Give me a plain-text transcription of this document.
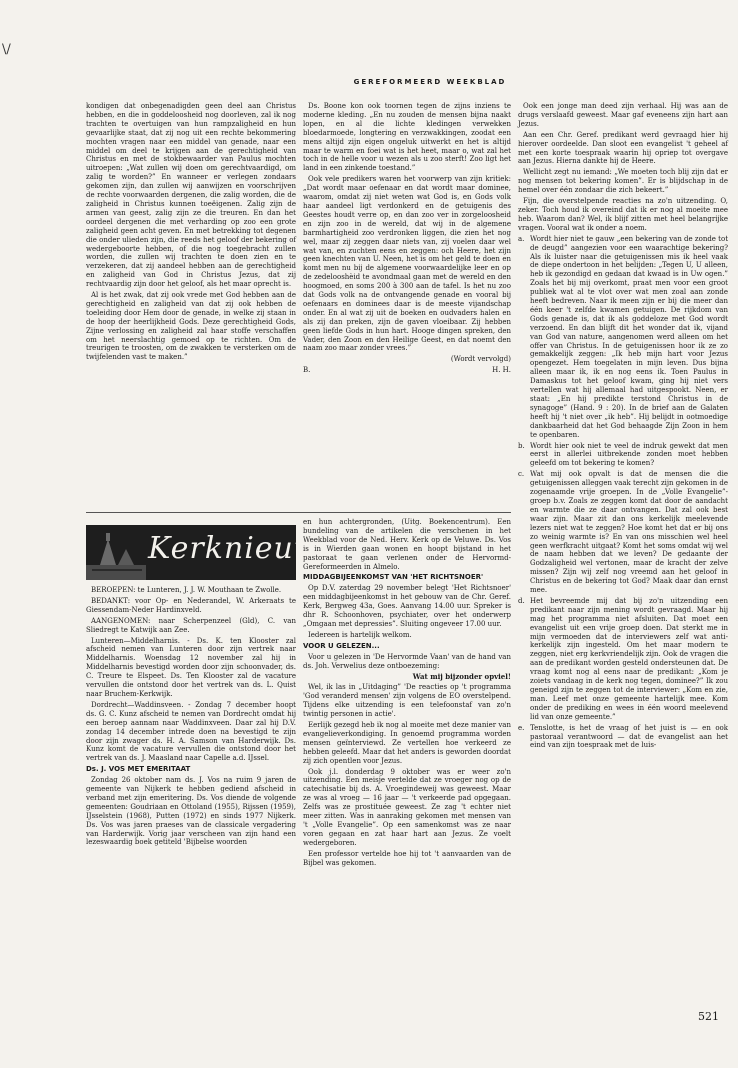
\/
GEREFORMEERD WEEKBLAD

kondigen dat onbegenadigden geen deel aan Christus hebben, en die in goddeloosheid nog doorleven, zal ik nog trachten te overtuigen van hun rampzaligheid en hun gevaarlijke staat, dat zij nog uit een rechte bekommering mochten vragen naar een middel van genade, naar een middel om deel te krijgen aan de gerechtigheid van Christus en met de stokbewaarder van Paulus mochten uitroepen: „Wat zullen wij doen om gerechtvaardigd, om zalig te worden?” En wanneer er verlegen zondaars gekomen zijn, dan zullen wij aanwijzen en voorschrijven de rechte voorwaarden dergenen, die zalig worden, die de zaligheid in Christus kunnen toeëigenen. Zalig zijn de armen van geest, zalig zijn ze die treuren. En dan het oordeel dergenen die met verharding op zoo een grote zaligheid geen acht geven. En met betrekking tot degenen die onder ulieden zijn, die reeds het geloof der bekering of wedergeboorte hebben, of die nog toegebracht zullen worden, die zullen wij trachten te doen zien en te verzekeren, dat zij aandeel hebben aan de gerechtigheid en zaligheid van God in Christus Jezus, dat zij rechtvaardig zijn door het geloof, als het maar oprecht is.

Al is het zwak, dat zij ook vrede met God hebben aan de gerechtigheid en zaligheid van dat zij ook hebben de toeleiding door Hem door de genade, in welke zij staan in de hoop der heerlijkheid Gods. Deze gerechtigheid Gods, Zijne verlossing en zaligheid zal haar stoffe verschaffen om het neerslachtig gemoed op te richten. Om de treurigen te troosten, om de zwakken te versterken om de twijfelenden vast te maken.”

Ds. Boone kon ook toornen tegen de zijns inziens te moderne kleding. „En nu zouden de mensen bijna naakt lopen, en al die lichte kledingen verwekken bloedarmoede, longtering en verzwakkingen, zoodat een mens altijd zijn eigen ongeluk uitwerkt en het is altijd maar te warm en foei wat is het heet, maar o, wat zal het toch in de helle voor u wezen als u zoo sterft! Zoo ligt het land in een zinkende toestand.”

Ook vele predikers waren het voorwerp van zijn kritiek: „Dat wordt maar oefenaar en dat wordt maar dominee, waarom, omdat zij niet weten wat God is, en Gods volk haar aandeel ligt verdonkerd en de getuigenis des Geestes houdt verre op, en dan zoo ver in zorgeloosheid en zijn zoo in de wereld, dat wij in de algemene barmhartigheid zoo verdronken liggen, die zien het nog wel, maar zij zeggen daar niets van, zij voelen daar wel wat van, en zuchten eens en zeggen: och Heere, het zijn geen knechten van U. Neen, het is om het geld te doen en komt men nu bij de algemene voorwaardelijke leer en op de zedelooshèid te avondmaal gaan met de wereld en den hoogmoed, en soms 200 à 300 aan de tafel. Is het nu zoo dat Gods volk na de ontvangende genade en vooral bij oefenaars en dominees daar is de meeste vijandschap onder. En al wat zij uit de boeken en oudvaders halen en als zij dan preken, zijn de gaven vloeibaar. Zij hebben geen liefde Gods in hun hart. Hooge dingen spreken, den Vader, den Zoon en den Heilige Geest, en dat noemt den naam zoo maar zonder vrees.”

(Wordt vervolgd)

B.	H. H.
Kerknieuws

BEROEPEN: te Lunteren, J. J. W. Mouthaan te Zwolle.

BEDANKT: voor Op- en Nederandel, W. Arkeraats te Giessendam-Neder Hardinxveld.

AANGENOMEN: naar Scherpenzeel (Gld), C. van Sliedregt te Katwijk aan Zee.

Lunteren—Middelharnis. - Ds. K. ten Klooster zal afscheid nemen van Lunteren door zijn vertrek naar Middelharnis. Woensdag 12 november zal hij in Middelharnis bevestigd worden door zijn schoonvader, ds. C. Treure te Elspeet. Ds. Ten Klooster zal de vacature vervullen die ontstond door het vertrek van ds. L. Quist naar Bruchem-Kerkwijk.

Dordrecht—Waddinsveen. - Zondag 7 december hoopt ds. G. C. Kunz afscheid te nemen van Dordrecht omdat hij een beroep aannam naar Waddinxveen. Daar zal hij D.V. zondag 14 december intrede doen na bevestigd te zijn door zijn zwager ds. H. A. Samson van Harderwijk. Ds. Kunz komt de vacature vervullen die ontstond door het vertrek van ds. J. Maasland naar Capelle a.d. IJssel.

Ds. J. VOS MET EMERITAAT

Zondag 26 oktober nam ds. J. Vos na ruim 9 jaren de gemeente van Nijkerk te hebben gediend afscheid in verband met zijn emeritering. Ds. Vos diende de volgende gemeenten: Goudriaan en Ottoland (1955), Rijssen (1959), IJsselstein (1968), Putten (1972) en sinds 1977 Nijkerk. Ds. Vos was jaren praeses van de classicale vergadering van Harderwijk. Vorig jaar verscheen van zijn hand een lezeswaardig boek getiteld 'Bijbelse woorden

en hun achtergronden, (Uitg. Boekencentrum). Een bundeling van de artikelen die verschenen in het Weekblad voor de Ned. Herv. Kerk op de Veluwe. Ds. Vos is in Wierden gaan wonen en hoopt bijstand in het pastoraat te gaan verlenen onder de Hervormd-Gereformeerden in Almelo.

MIDDAGBIJEENKOMST VAN 'HET RICHTSNOER'

Op D.V. zaterdag 29 november belegt 'Het Richtsnoer' een middagbijeenkomst in het gebouw van de Chr. Geref. Kerk, Bergweg 43a, Goes. Aanvang 14.00 uur. Spreker is dhr R. Schoonhoven, psychiater, over het onderwerp „Omgaan met depressies”. Sluiting ongeveer 17.00 uur.

Iedereen is hartelijk welkom.

VOOR U GELEZEN...

Voor u gelezen in 'De Hervormde Vaan' van de hand van ds. Joh. Verwelius deze ontboezeming:

Wat mij bijzonder opviel!

Wel, ik las in „Uitdaging” 'De reacties op 't programma 'God veranderd mensen' zijn volgens de EO overstelpend. Tijdens elke uitzending is een telefoonstaf van zo'n twintig personen in actie'.

Eerlijk gezegd heb ik nog al moeite met deze manier van evangelieverkondiging. In genoemd programma worden mensen geïnterviewd. Ze vertellen hoe verkeerd ze hebben geleefd. Maar dat het anders is geworden doordat zij zich opentlen voor Jezus.

Ook j.l. donderdag 9 oktober was er weer zo'n uitzending. Een meisje vertelde dat ze vroeger nog op de catechisatie bij ds. A. Vroegindeweij was geweest. Maar ze was al vroeg — 16 jaar — 't verkeerde pad opgegaan. Zelfs was ze prostituée geweest. Ze zag 't echter niet meer zitten. Was in aanraking gekomen met mensen van 't „Volle Evangelie”. Op een samenkomst was ze naar voren gegaan en zat haar hart aan Jezus. Ze voelt wedergeboren.

Een professor vertelde hoe hij tot 't aanvaarden van de Bijbel was gekomen.

Ook een jonge man deed zijn verhaal. Hij was aan de drugs verslaafd geweest. Maar gaf eveneens zijn hart aan Jezus.

Aan een Chr. Geref. predikant werd gevraagd hier hij hierover oordeelde. Dan sloot een evangelist 't geheel af met een korte toespraak waarin hij opriep tot overgave aan Jezus. Hierna dankte hij de Heere.

Wellicht zegt nu iemand: „We moeten toch blij zijn dat er nog mensen tot bekering komen”. Er is blijdschap in de hemel over één zondaar die zich bekeert.”

Fijn, die overstelpende reacties na zo'n uitzending. O, zeker. Toch houd ik overeind dat ik er nog al moeite mee heb. Waarom dan? Wel, ik blijf zitten met heel belangrijke vragen. Vooral wat ik onder a noem.

a. Wordt hier niet te gauw „een bekering van de zonde tot de deugd” aangezien voor een waarachtige bekering? Als ik luister naar die getuigenissen mis ik heel vaak de diepe ondertoon in het belijden: „Tegen U, U alleen, heb ik gezondigd en gedaan dat kwaad is in Uw ogen.” Zoals het bij mij overkomt, praat men voor een groot publiek wat al te vlot over wat men zoal aan zonde heeft bedreven. Naar ik meen zijn er bij die meer dan één keer 't zelfde kwamen getuigen. De rijkdom van Gods genade is, dat ik als goddeloze met God wordt verzoend. En dan blijft dit het wonder dat ik, vijand van God van nature, aangenomen werd alleen om het offer van Christus. In de getuigenissen hoor ik ze zo gemakkelijk zeggen: „Ik heb mijn hart voor Jezus opengezet. Hem toegelaten in mijn leven. Dus bijna alleen maar ik, ik en nog eens ik. Toen Paulus in Damaskus tot het geloof kwam, ging hij niet vers vertellen wat hij allemaal had uitgespookt. Neen, er staat: „En hij predikte terstond Christus in de synagoge” (Hand. 9 : 20). In de brief aan de Galaten heeft hij 't niet over „ik heb”. Hij belijdt in ootmoedige dankbaarheid dat het God behaagde Zijn Zoon in hem te openbaren.
b. Wordt hier ook niet te veel de indruk gewekt dat men eerst in allerlei uitbrekende zonden moet hebben geleefd om tot bekering te komen?
c. Wat mij ook opvalt is dat de mensen die die getuigenissen alleggen vaak terecht zijn gekomen in de zogenaamde vrije groepen. In de „Volle Evangelie”-groep b.v. Zoals ze zeggen komt dat door de aandacht en warmte die ze daar ontvangen. Dat zal ook best waar zijn. Maar zit dan ons kerkelijk meelevende lezers niet wat te zeggen? Hoe komt het dat er bij ons zo weinig warmte is? En van ons misschien wel heel geen werfkracht uitgaat? Komt het soms omdat wij wel de naam hebben dat we leven? De gedaante der Godzaligheid wel vertonen, maar de kracht der zelve missen? Zijn wij zelf nog vreemd aan het geloof in Christus en de bekering tot God? Maak daar dan ernst mee.
d. Het bevreemde mij dat bij zo'n uitzending een predikant naar zijn mening wordt gevraagd. Maar hij mag het programma niet afsluiten. Dat moet een evangelist uit een vrije groep doen. Dat sterkt me in mijn vermoeden dat de interviewers zelf wat anti-kerkelijk zijn ingesteld. Om het maar modern te zeggen, niet erg kerkvriendelijk zijn. Ook de vragen die aan de predikant worden gesteld ondersteunen dat. De vraag komt nog al eens naar de predikant: „Kom je zoiets vandaag in de kerk nog tegen, dominee?” Ik zou geneigd zijn te zeggen tot de interviewer: „Kom en zie, man. Leef met onze gemeente hartelijk mee. Kom onder de prediking en wees in één woord meelevend lid van onze gemeente.”
e. Tenslotte, is het de vraag of het juist is — en ook pastoraal verantwoord — dat de evangelist aan het eind van zijn toespraak met de luis-
521
